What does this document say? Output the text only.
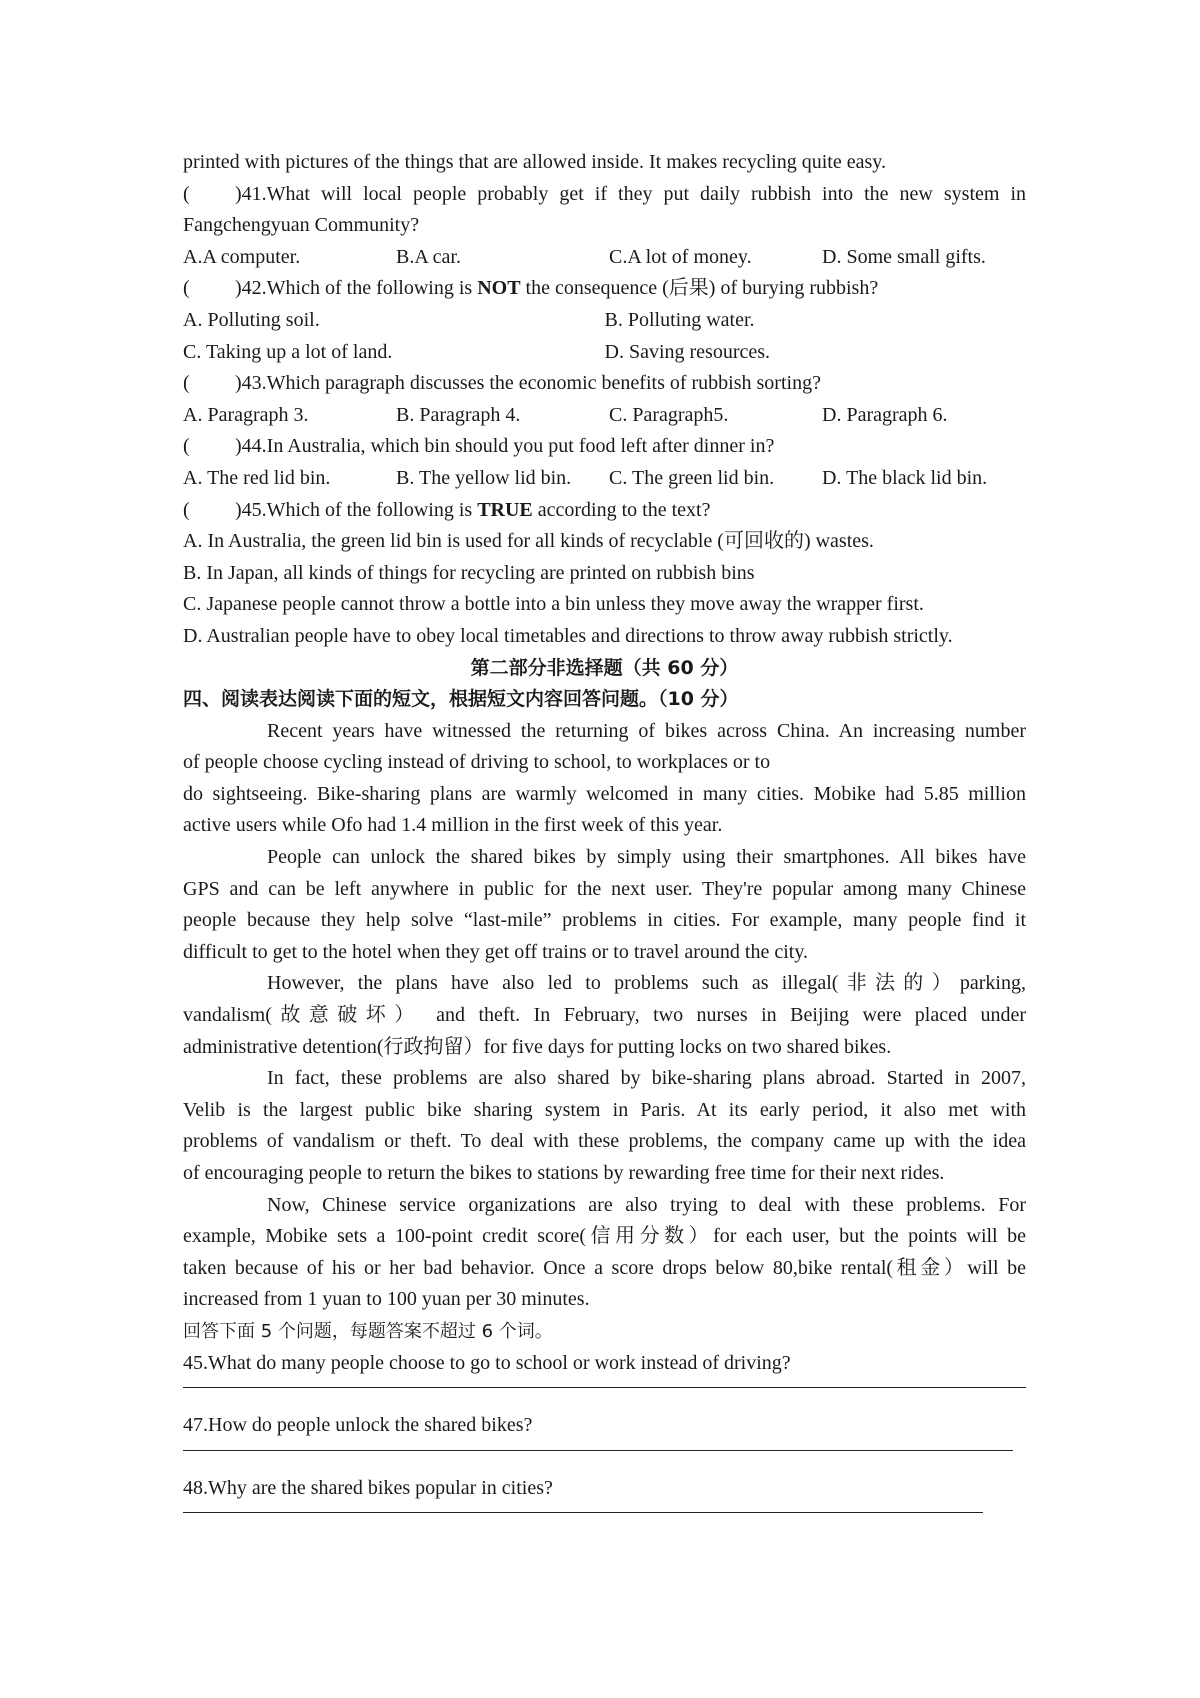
printed with pictures of the things that are allowed inside. It makes recycling quite easy.
( )41.What will local people probably get if they put daily rubbish into the new system in
Fangchengyuan Community?
A.A computer.	B.A car.	C.A lot of money.	D. Some small gifts.
( )42.Which of the following is NOT the consequence (后果) of burying rubbish?
A. Polluting soil.	B. Polluting water.
C. Taking up a lot of land.	D. Saving resources.
( )43.Which paragraph discusses the economic benefits of rubbish sorting?
A. Paragraph 3.	B. Paragraph 4.	C. Paragraph5.	D. Paragraph 6.
( )44.In Australia, which bin should you put food left after dinner in?
A. The red lid bin.	B. The yellow lid bin.	C. The green lid bin.	D. The black lid bin.
( )45.Which of the following is TRUE according to the text?
A. In Australia, the green lid bin is used for all kinds of recyclable (可回收的) wastes.
B. In Japan, all kinds of things for recycling are printed on rubbish bins
C. Japanese people cannot throw a bottle into a bin unless they move away the wrapper first.
D. Australian people have to obey local timetables and directions to throw away rubbish strictly.
第二部分非选择题（共 60 分）
四、阅读表达阅读下面的短文，根据短文内容回答问题。（10 分）
Recent years have witnessed the returning of bikes across China. An increasing number
of people choose cycling instead of driving to school, to workplaces or to
do sightseeing. Bike-sharing plans are warmly welcomed in many cities. Mobike had 5.85 million
active users while Ofo had 1.4 million in the first week of this year.
People can unlock the shared bikes by simply using their smartphones. All bikes have
GPS and can be left anywhere in public for the next user. They're popular among many Chinese
people because they help solve “last-mile” problems in cities. For example, many people find it
difficult to get to the hotel when they get off trains or to travel around the city.
However, the plans have also led to problems such as illegal(非法的）parking,
vandalism(故意破坏） and theft. In February, two nurses in Beijing were placed under
administrative detention(行政拘留）for five days for putting locks on two shared bikes.
In fact, these problems are also shared by bike-sharing plans abroad. Started in 2007,
Velib is the largest public bike sharing system in Paris. At its early period, it also met with
problems of vandalism or theft. To deal with these problems, the company came up with the idea
of encouraging people to return the bikes to stations by rewarding free time for their next rides.
Now, Chinese service organizations are also trying to deal with these problems. For
example, Mobike sets a 100-point credit score(信用分数）for each user, but the points will be
taken because of his or her bad behavior. Once a score drops below 80,bike rental(租金）will be
increased from 1 yuan to 100 yuan per 30 minutes.
回答下面 5 个问题，每题答案不超过 6 个词。
45.What do many people choose to go to school or work instead of driving?
47.How do people unlock the shared bikes?
48.Why are the shared bikes popular in cities?
